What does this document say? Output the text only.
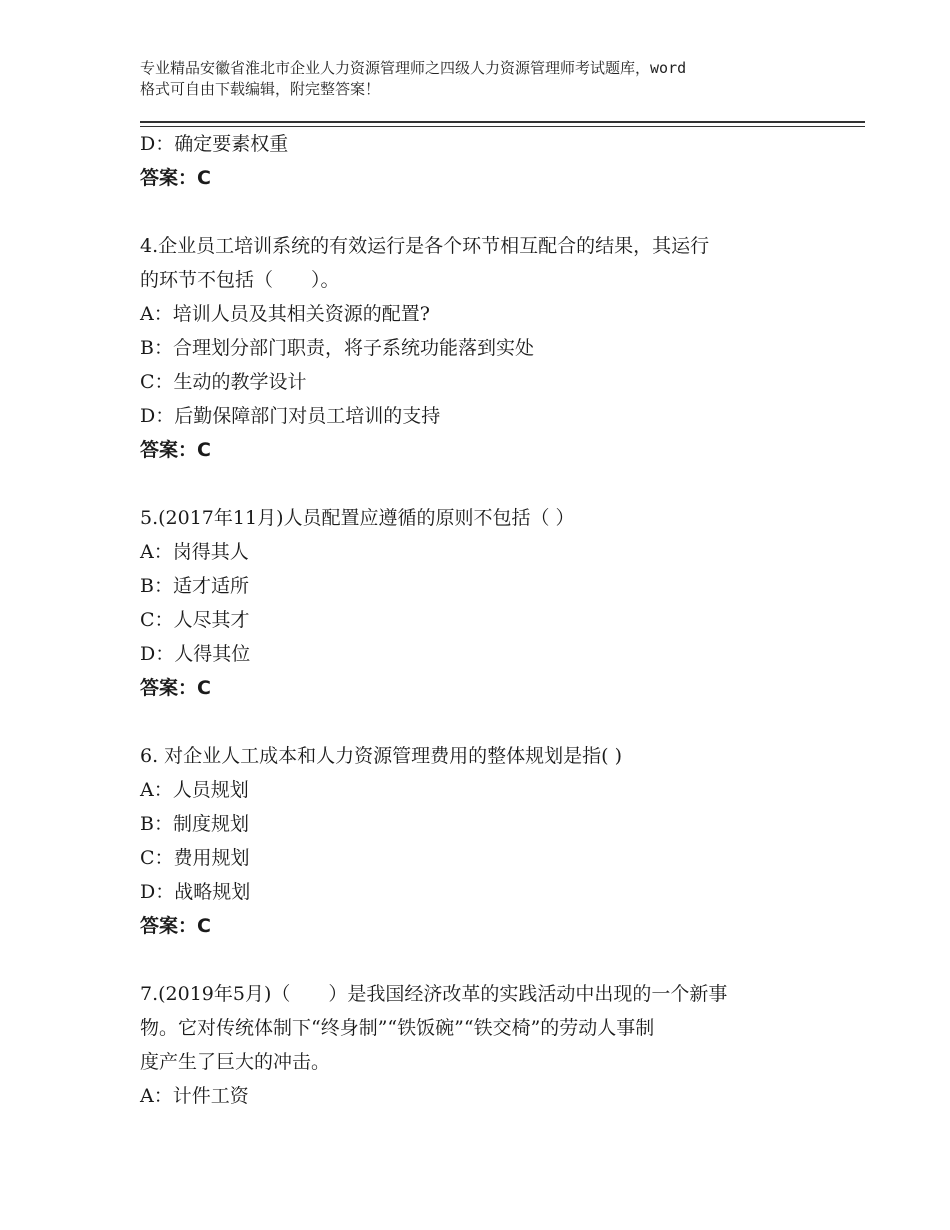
专业精品安徽省淮北市企业人力资源管理师之四级人力资源管理师考试题库，word
格式可自由下载编辑，附完整答案！
D：确定要素权重
答案：C
4.企业员工培训系统的有效运行是各个环节相互配合的结果，其运行
的环节不包括（　　）。
A：培训人员及其相关资源的配置?
B：合理划分部门职责，将子系统功能落到实处
C：生动的教学设计
D：后勤保障部门对员工培训的支持
答案：C
5.(2017年11月)人员配置应遵循的原则不包括（ ）
A：岗得其人
B：适才适所
C：人尽其才
D：人得其位
答案：C
6. 对企业人工成本和人力资源管理费用的整体规划是指( )
A：人员规划
B：制度规划
C：费用规划
D：战略规划
答案：C
7.(2019年5月)（　　）是我国经济改革的实践活动中出现的一个新事
物。它对传统体制下“终身制”“铁饭碗”“铁交椅”的劳动人事制
度产生了巨大的冲击。
A：计件工资
